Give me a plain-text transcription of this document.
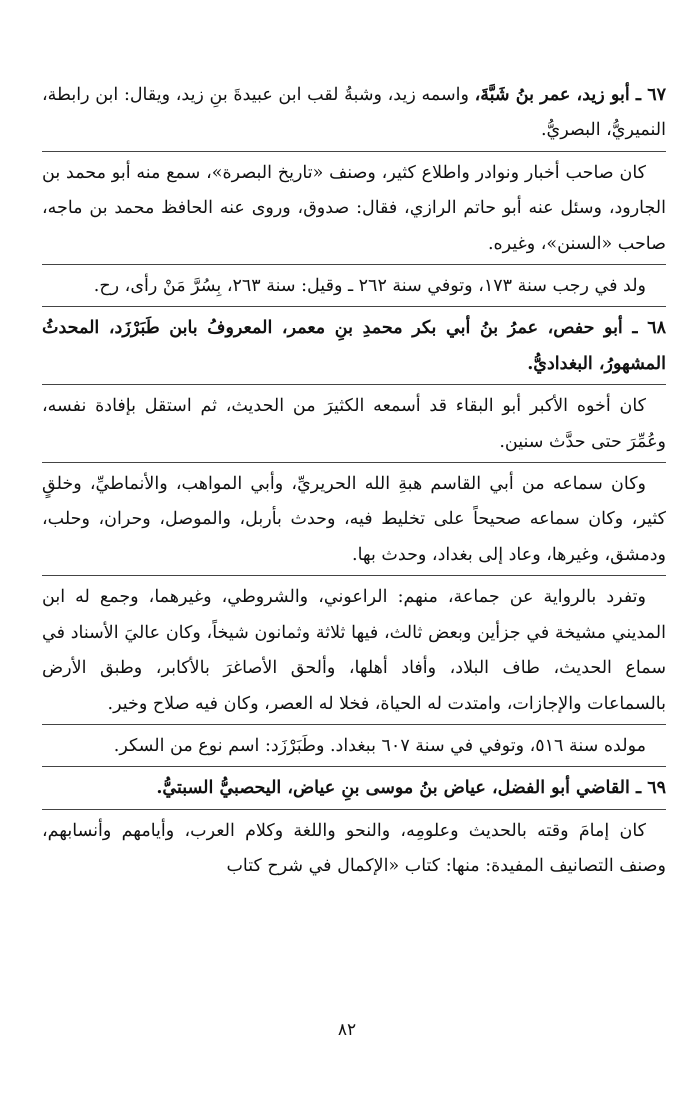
٦٧ ـ أبو زيد، عمر بنُ شَبَّةَ، واسمه زيد، وشبةُ لقب ابن عبيدةَ بنِ زيد، ويقال: ابن رابطة، النميريُّ، البصريُّ.

كان صاحب أخبار ونوادر واطلاع كثير، وصنف «تاريخ البصرة»، سمع منه أبو محمد بن الجارود، وسئل عنه أبو حاتم الرازي، فقال: صدوق، وروى عنه الحافظ محمد بن ماجه، صاحب «السنن»، وغيره.

ولد في رجب سنة ١٧٣، وتوفي سنة ٢٦٢ ـ وقيل: سنة ٢٦٣، بِسُرَّ مَنْ رأى، رح.

٦٨ ـ أبو حفص، عمرُ بنُ أبي بكر محمدِ بنِ معمر، المعروفُ بابن طَبَرْزَد، المحدثُ المشهورُ، البغداديُّ.

كان أخوه الأكبر أبو البقاء قد أسمعه الكثيرَ من الحديث، ثم استقل بإفادة نفسه، وعُمِّرَ حتى حدَّث سنين.

وكان سماعه من أبي القاسم هبةِ الله الحريريِّ، وأبي المواهب، والأنماطيِّ، وخلقٍ كثير، وكان سماعه صحيحاً على تخليط فيه، وحدث بأربل، والموصل، وحران، وحلب، ودمشق، وغيرها، وعاد إلى بغداد، وحدث بها.

وتفرد بالرواية عن جماعة، منهم: الراعوني، والشروطي، وغيرهما، وجمع له ابن المديني مشيخة في جزأين وبعض ثالث، فيها ثلاثة وثمانون شيخاً، وكان عاليَ الأسناد في سماع الحديث، طاف البلاد، وأفاد أهلها، وألحق الأصاغرَ بالأكابر، وطبق الأرض بالسماعات والإجازات، وامتدت له الحياة، فخلا له العصر، وكان فيه صلاح وخير.

مولده سنة ٥١٦، وتوفي في سنة ٦٠٧ ببغداد. وطَبَرْزَد: اسم نوع من السكر.

٦٩ ـ القاضي أبو الفضل، عياض بنُ موسى بنِ عياض، اليحصبيُّ السبتيُّ.

كان إمامَ وقته بالحديث وعلومِه، والنحو واللغة وكلام العرب، وأيامهم وأنسابهم، وصنف التصانيف المفيدة: منها: كتاب «الإكمال في شرح كتاب

٨٢
